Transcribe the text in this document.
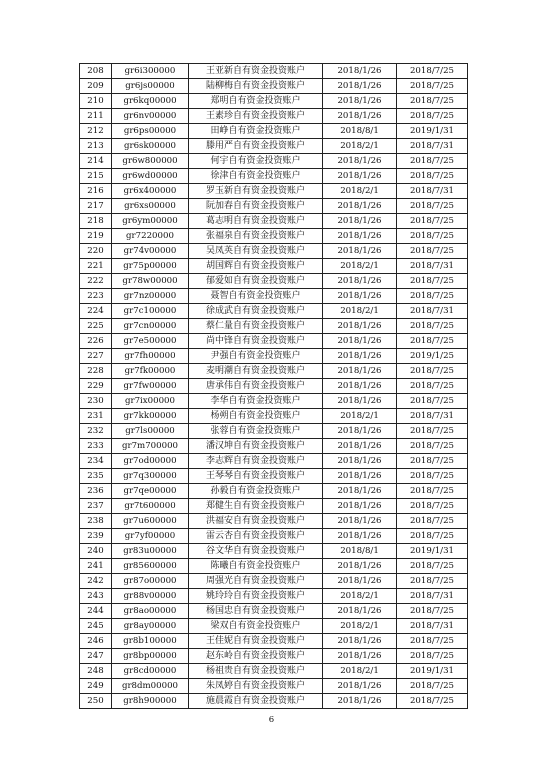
208	gr6i300000	王亚新自有资金投资账户	2018/1/26	2018/7/25
209	gr6js00000	陆柳梅自有资金投资账户	2018/1/26	2018/7/25
210	gr6kq00000	郑明自有资金投资账户	2018/1/26	2018/7/25
211	gr6nv00000	王素珍自有资金投资账户	2018/1/26	2018/7/25
212	gr6ps00000	田峥自有资金投资账户	2018/8/1	2019/1/31
213	gr6sk00000	滕用严自有资金投资账户	2018/2/1	2018/7/31
214	gr6w800000	何宇自有资金投资账户	2018/1/26	2018/7/25
215	gr6wd00000	徐津自有资金投资账户	2018/1/26	2018/7/25
216	gr6x400000	罗玉新自有资金投资账户	2018/2/1	2018/7/31
217	gr6xs00000	阮加春自有资金投资账户	2018/1/26	2018/7/25
218	gr6ym00000	葛志明自有资金投资账户	2018/1/26	2018/7/25
219	gr7220000	张福泉自有资金投资账户	2018/1/26	2018/7/25
220	gr74v00000	吴凤英自有资金投资账户	2018/1/26	2018/7/25
221	gr75p00000	胡国辉自有资金投资账户	2018/2/1	2018/7/31
222	gr78w00000	郁爱如自有资金投资账户	2018/1/26	2018/7/25
223	gr7nz00000	聂智自有资金投资账户	2018/1/26	2018/7/25
224	gr7c100000	徐成武自有资金投资账户	2018/2/1	2018/7/31
225	gr7cn00000	蔡仁量自有资金投资账户	2018/1/26	2018/7/25
226	gr7e500000	尚中锋自有资金投资账户	2018/1/26	2018/7/25
227	gr7fh00000	尹强自有资金投资账户	2018/1/26	2019/1/25
228	gr7fk00000	麦明潮自有资金投资账户	2018/1/26	2018/7/25
229	gr7fw00000	唐承伟自有资金投资账户	2018/1/26	2018/7/25
230	gr7ix00000	李华自有资金投资账户	2018/1/26	2018/7/25
231	gr7kk00000	杨朔自有资金投资账户	2018/2/1	2018/7/31
232	gr7ls00000	张蓉自有资金投资账户	2018/1/26	2018/7/25
233	gr7m700000	潘汉坤自有资金投资账户	2018/1/26	2018/7/25
234	gr7od00000	李志辉自有资金投资账户	2018/1/26	2018/7/25
235	gr7q300000	王琴琴自有资金投资账户	2018/1/26	2018/7/25
236	gr7qe00000	孙毅自有资金投资账户	2018/1/26	2018/7/25
237	gr7t600000	郑健生自有资金投资账户	2018/1/26	2018/7/25
238	gr7u600000	洪福安自有资金投资账户	2018/1/26	2018/7/25
239	gr7yf00000	雷云杏自有资金投资账户	2018/1/26	2018/7/25
240	gr83u00000	谷文华自有资金投资账户	2018/8/1	2019/1/31
241	gr85600000	陈曦自有资金投资账户	2018/1/26	2018/7/25
242	gr87o00000	周强光自有资金投资账户	2018/1/26	2018/7/25
243	gr88v00000	姚玲玲自有资金投资账户	2018/2/1	2018/7/31
244	gr8ao00000	杨国忠自有资金投资账户	2018/1/26	2018/7/25
245	gr8ay00000	梁双自有资金投资账户	2018/2/1	2018/7/31
246	gr8b100000	王佳妮自有资金投资账户	2018/1/26	2018/7/25
247	gr8bp00000	赵东岭自有资金投资账户	2018/1/26	2018/7/25
248	gr8cd00000	杨祖贵自有资金投资账户	2018/2/1	2019/1/31
249	gr8dm00000	朱凤婷自有资金投资账户	2018/1/26	2018/7/25
250	gr8h900000	施晨霞自有资金投资账户	2018/1/26	2018/7/25
6
